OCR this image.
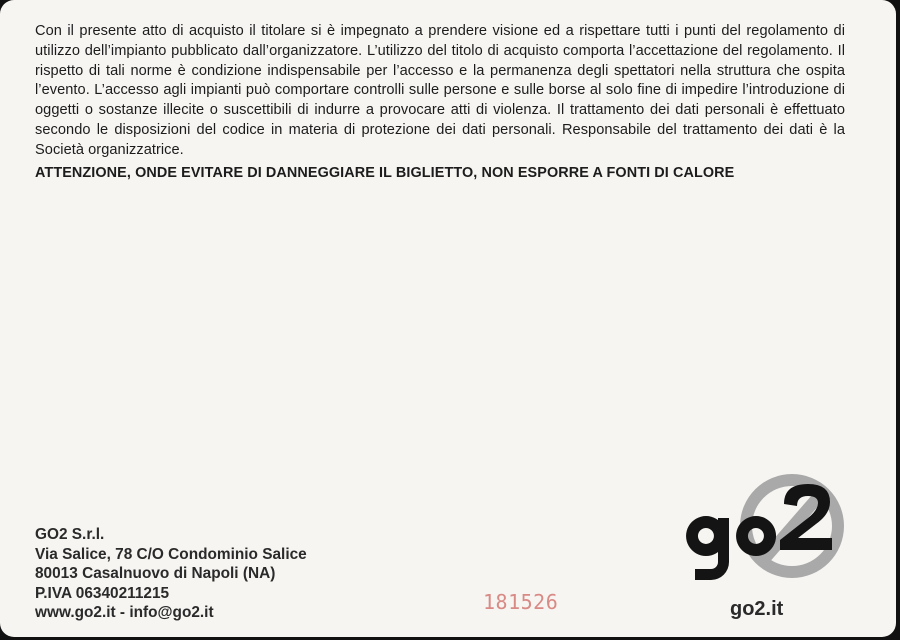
Con il presente atto di acquisto il titolare si è impegnato a prendere visione ed a rispettare tutti i punti del regolamento di utilizzo dell’impianto pubblicato dall’organizzatore. L’utilizzo del titolo di acquisto comporta l’accettazione del regolamento. Il rispetto di tali norme è condizione indispensabile per l’accesso e la permanenza degli spettatori nella struttura che ospita l’evento. L’accesso agli impianti può comportare controlli sulle persone e sulle borse al solo fine di impedire l’introduzione di oggetti o sostanze illecite o suscettibili di indurre a provocare atti di violenza. Il trattamento dei dati personali è effettuato secondo le disposizioni del codice in materia di protezione dei dati personali. Responsabile del trattamento dei dati è la Società organizzatrice.

ATTENZIONE, ONDE EVITARE DI DANNEGGIARE IL BIGLIETTO, NON ESPORRE A FONTI DI CALORE
GO2 S.r.l.
Via Salice, 78 C/O Condominio Salice
80013 Casalnuovo di Napoli (NA)
P.IVA 06340211215
www.go2.it - info@go2.it	181526
go2
go2.it
